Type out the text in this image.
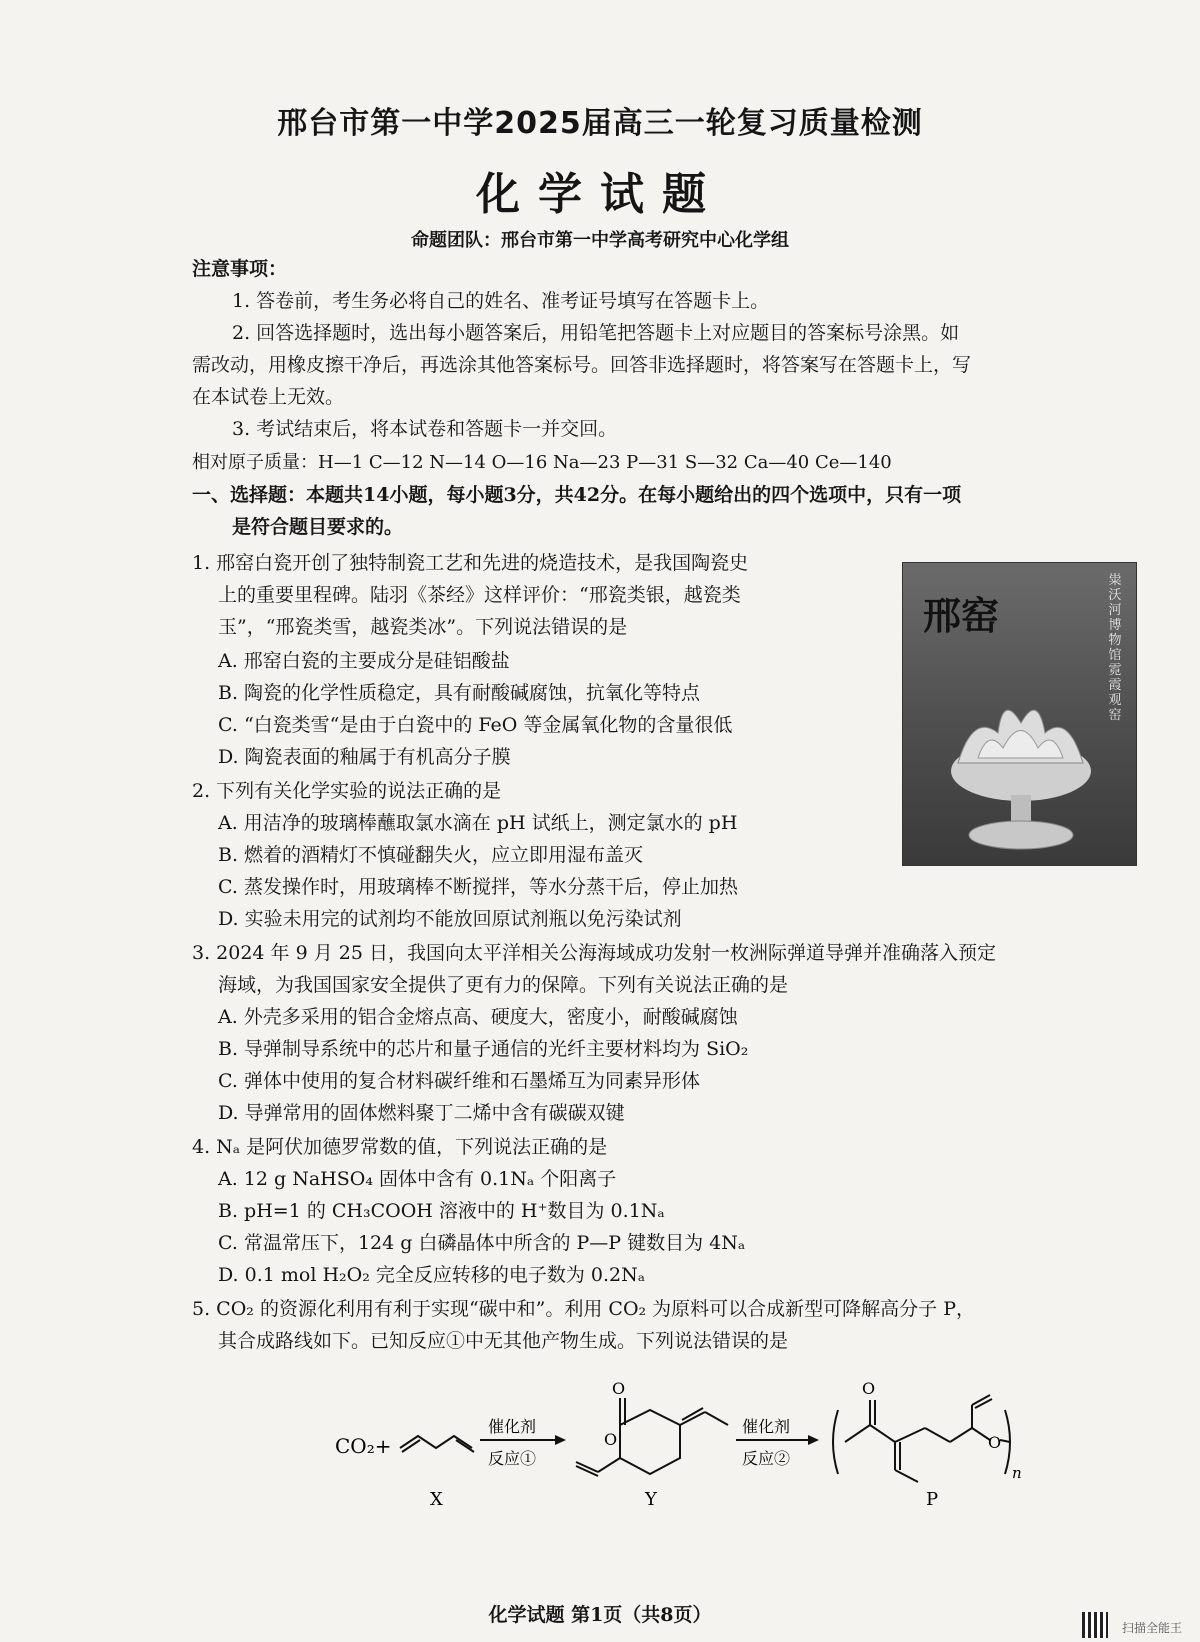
邢台市第一中学2025届高三一轮复习质量检测
化学试题
命题团队：邢台市第一中学高考研究中心化学组
注意事项：
1. 答卷前，考生务必将自己的姓名、准考证号填写在答题卡上。
2. 回答选择题时，选出每小题答案后，用铅笔把答题卡上对应题目的答案标号涂黑。如
需改动，用橡皮擦干净后，再选涂其他答案标号。回答非选择题时，将答案写在答题卡上，写
在本试卷上无效。
3. 考试结束后，将本试卷和答题卡一并交回。
相对原子质量：H—1 C—12 N—14 O—16 Na—23 P—31 S—32 Ca—40 Ce—140
一、选择题：本题共14小题，每小题3分，共42分。在每小题给出的四个选项中，只有一项
是符合题目要求的。
1. 邢窑白瓷开创了独特制瓷工艺和先进的烧造技术，是我国陶瓷史
上的重要里程碑。陆羽《茶经》这样评价：“邢瓷类银，越瓷类
玉”，“邢瓷类雪，越瓷类冰”。下列说法错误的是
A. 邢窑白瓷的主要成分是硅铝酸盐
B. 陶瓷的化学性质稳定，具有耐酸碱腐蚀，抗氧化等特点
C. “白瓷类雪“是由于白瓷中的 FeO 等金属氧化物的含量很低
D. 陶瓷表面的釉属于有机高分子膜
邢窑
粜沃河博物馆霓霞观窑
2. 下列有关化学实验的说法正确的是
A. 用洁净的玻璃棒蘸取氯水滴在 pH 试纸上，测定氯水的 pH
B. 燃着的酒精灯不慎碰翻失火，应立即用湿布盖灭
C. 蒸发操作时，用玻璃棒不断搅拌，等水分蒸干后，停止加热
D. 实验未用完的试剂均不能放回原试剂瓶以免污染试剂
3. 2024 年 9 月 25 日，我国向太平洋相关公海海域成功发射一枚洲际弹道导弹并准确落入预定
海域，为我国国家安全提供了更有力的保障。下列有关说法正确的是
A. 外壳多采用的铝合金熔点高、硬度大，密度小，耐酸碱腐蚀
B. 导弹制导系统中的芯片和量子通信的光纤主要材料均为 SiO₂
C. 弹体中使用的复合材料碳纤维和石墨烯互为同素异形体
D. 导弹常用的固体燃料聚丁二烯中含有碳碳双键
4. Nₐ 是阿伏加德罗常数的值，下列说法正确的是
A. 12 g NaHSO₄ 固体中含有 0.1Nₐ 个阳离子
B. pH=1 的 CH₃COOH 溶液中的 H⁺数目为 0.1Nₐ
C. 常温常压下，124 g 白磷晶体中所含的 P—P 键数目为 4Nₐ
D. 0.1 mol H₂O₂ 完全反应转移的电子数为 0.2Nₐ
5. CO₂ 的资源化利用有利于实现“碳中和”。利用 CO₂ 为原料可以合成新型可降解高分子 P，
其合成路线如下。已知反应①中无其他产物生成。下列说法错误的是
CO₂+
X
催化剂
反应①
O
O
Y
催化剂
反应②
O
O
n
P
化学试题 第1页（共8页）
扫描全能王
